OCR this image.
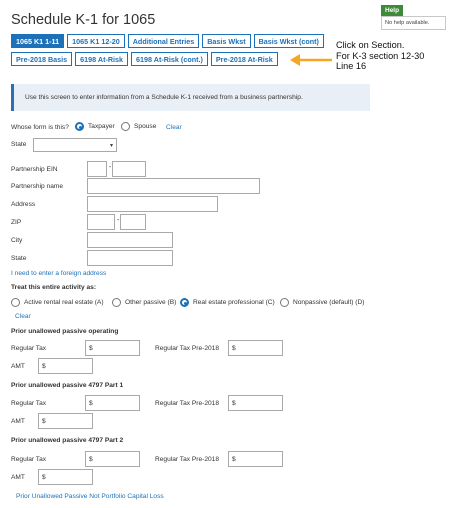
Schedule K-1 for 1065
1065 K1 1-11	1065 K1 12-20	Additional Entries	Basis Wkst	Basis Wkst (cont)
Pre-2018 Basis	6198 At-Risk	6198 At-Risk (cont.)	Pre-2018 At-Risk
Click on Section.
For K-3 section 12-30
Line 16
Help
No help available.
Use this screen to enter information from a Schedule K-1 received from a business partnership.
Whose form is this?	Taxpayer	Spouse Clear
State	▾
Partnership EIN	-
Partnership name
Address
ZIP	-
City
State
I need to enter a foreign address
Treat this entire activity as:
Active rental real estate (A)	Other passive (B)	Real estate professional (C)	Nonpassive (default) (D)
Clear
Prior unallowed passive operating
Regular Tax	$	Regular Tax Pre-2018 $
AMT	$
Prior unallowed passive 4797 Part 1
Regular Tax	$	Regular Tax Pre-2018 $
AMT	$
Prior unallowed passive 4797 Part 2
Regular Tax	$	Regular Tax Pre-2018 $
AMT	$
Prior Unallowed Passive Not Portfolio Capital Loss
